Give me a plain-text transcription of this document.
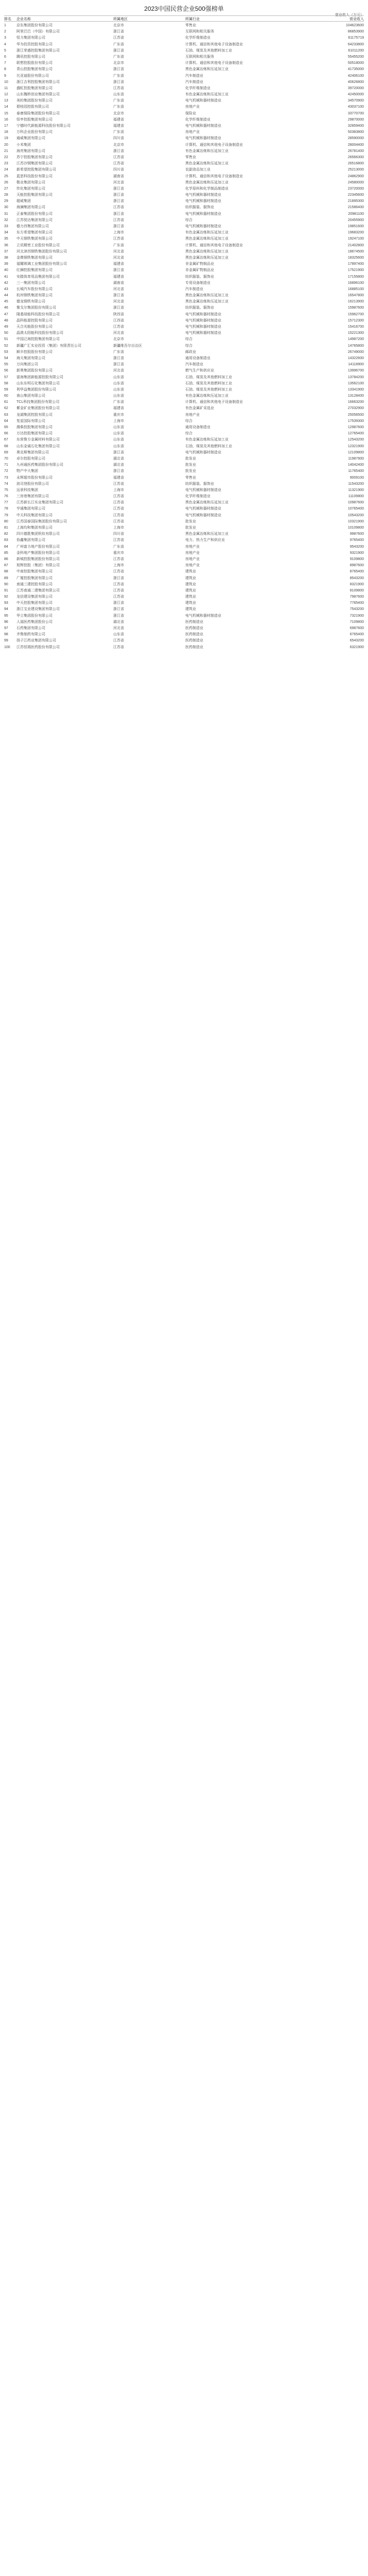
2023中国民营企业500强榜单
营业收入（万元）
排名 企业名称	所属地区	所属行业	营业收入
1	京东集团股份有限公司	北京市	零售业	104623600
2	阿里巴巴（中国）有限公司	浙江省	互联网和相关服务	86853900
3	恒力集团有限公司	江苏省	化学纤维制造业	61175719
4	华为投资控股有限公司	广东省	计算机、通信和其他电子设备制造业	64233800
5	浙江荣盛控股集团有限公司	浙江省	石油、煤炭及其他燃料加工业	61011200
6	腾讯控股有限公司	广东省	互联网和相关服务	55455200
7	联想控股股份有限公司	北京市	计算机、通信和其他电子设备制造业	50518000
8	青山控股集团有限公司	浙江省	黑色金属冶炼和压延加工业	41735000
9	比亚迪股份有限公司	广东省	汽车制造业	42406100
10	浙江吉利控股集团有限公司	浙江省	汽车制造业	40626800
11	盛虹控股集团有限公司	江苏省	化学纤维制造业	39720000
12	山东魏桥创业集团有限公司	山东省	有色金属冶炼和压延加工业	42450000
13	美的集团股份有限公司	广东省	电气机械和器材制造业	34570900
14	碧桂园控股有限公司	广东省	房地产业	43037100
15	泰康保险集团股份有限公司	北京市	保险业	33770700
16	恒申控股集团有限公司	福建省	化学纤维制造业	29870000
17	宁德时代新能源科技股份有限公司	福建省	电气机械和器材制造业	32859400
18	万科企业股份有限公司	广东省	房地产业	50383800
19	通威集团有限公司	四川省	电气机械和器材制造业	28590000
20	小米集团	北京市	计算机、通信和其他电子设备制造业	28004400
21	海亮集团有限公司	浙江省	有色金属冶炼和压延加工业	26781400
22	苏宁控股集团有限公司	江苏省	零售业	26566300
23	江苏沙钢集团有限公司	江苏省	黑色金属冶炼和压延加工业	26516800
24	新希望控股集团有限公司	四川省	农副食品加工业	25213000
25	蓝思科技股份有限公司	湖南省	计算机、通信和其他电子设备制造业	24862900
26	敬业集团有限公司	河北省	黑色金属冶炼和压延加工业	24580000
27	传化集团有限公司	浙江省	化学原料和化学制品制造业	23720000
28	天能控股集团有限公司	浙江省	电气机械和器材制造业	22345600
29	超威集团	浙江省	电气机械和器材制造业	21895300
30	海澜集团有限公司	江苏省	纺织服装、服饰业	21586400
31	正泰集团股份有限公司	浙江省	电气机械和器材制造业	20981100
32	江苏悦达集团有限公司	江苏省	综合	20455900
33	德力西集团有限公司	浙江省	电气机械和器材制造业	19851600
34	东方希望集团有限公司	上海市	有色金属冶炼和压延加工业	19683200
35	中天钢铁集团有限公司	江苏省	黑色金属冶炼和压延加工业	19247100
36	立讯精密工业股份有限公司	广东省	计算机、通信和其他电子设备制造业	21402800
37	河北津西钢铁集团股份有限公司	河北省	黑色金属冶炼和压延加工业	18674500
38	金鼎钢铁集团有限公司	河北省	黑色金属冶炼和压延加工业	18325600
39	福耀玻璃工业集团股份有限公司	福建省	非金属矿物制品业	17897400
40	红狮控股集团有限公司	浙江省	非金属矿物制品业	17521900
41	安踏体育用品集团有限公司	福建省	纺织服装、服饰业	17155800
42	三一集团有限公司	湖南省	专用设备制造业	16896100
43	长城汽车股份有限公司	河北省	汽车制造业	16885100
44	杭州钢铁集团有限公司	浙江省	黑色金属冶炼和压延加工业	16547800
45	德龙钢铁有限公司	河北省	黑色金属冶炼和压延加工业	16213900
46	雅戈尔集团股份有限公司	浙江省	纺织服装、服饰业	15987600
47	隆基绿能科技股份有限公司	陕西省	电气机械和器材制造业	15962700
48	晶科能源控股有限公司	江西省	电气机械和器材制造业	15712300
49	天合光能股份有限公司	江苏省	电气机械和器材制造业	15416700
50	晶澳太阳能科技股份有限公司	河北省	电气机械和器材制造业	15221300
51	中国泛海控股集团有限公司	北京市	综合	14987200
52	新疆广汇实业投资（集团）有限责任公司	新疆维吾尔自治区	综合	14765800
53	顺丰控股股份有限公司	广东省	邮政业	26749000
54	海天集团有限公司	浙江省	通用设备制造业	14322600
55	万向集团公司	浙江省	汽车制造业	14118900
56	新奥集团股份有限公司	河北省	燃气生产和供应业	13996700
57	富海集团新能源控股有限公司	山东省	石油、煤炭及其他燃料加工业	13784200
58	山东东明石化集团有限公司	山东省	石油、煤炭及其他燃料加工业	13562100
59	利华益集团股份有限公司	山东省	石油、煤炭及其他燃料加工业	13341900
60	南山集团有限公司	山东省	有色金属冶炼和压延加工业	13128400
61	TCL科技集团股份有限公司	广东省	计算机、通信和其他电子设备制造业	16663200
62	紫金矿业集团股份有限公司	福建省	有色金属矿采选业	27032900
63	龙湖集团控股有限公司	重庆市	房地产业	25056500
64	复星国际有限公司	上海市	综合	17539300
65	潍柴控股集团有限公司	山东省	通用设备制造业	12987600
66	万达控股集团有限公司	山东省	综合	12765400
67	东营鲁方金属材料有限公司	山东省	有色金属冶炼和压延加工业	12543200
68	山东金诚石化集团有限公司	山东省	石油、煤炭及其他燃料加工业	12321900
69	奥克斯集团有限公司	浙江省	电气机械和器材制造业	12109800
70	卓尔控股有限公司	湖北省	批发业	11987600
71	九州通医药集团股份有限公司	湖北省	批发业	14042400
72	物产中大集团	浙江省	批发业	11765400
73	永辉超市股份有限公司	福建省	零售业	9009100
74	波司登股份有限公司	江苏省	纺织服装、服饰业	11543200
75	远景科技集团	上海市	电气机械和器材制造业	11321900
76	三房巷集团有限公司	江苏省	化学纤维制造业	11109800
77	江苏新长江实业集团有限公司	江苏省	黑色金属冶炼和压延加工业	10987600
78	亨通集团有限公司	江苏省	电气机械和器材制造业	10765400
79	中天科技集团有限公司	江苏省	电气机械和器材制造业	10543200
80	江苏国泰国际集团股份有限公司	江苏省	批发业	10321900
81	上海均和集团有限公司	上海市	批发业	10109800
82	四川德胜集团钒钛有限公司	四川省	黑色金属冶炼和压延加工业	9987600
83	协鑫集团有限公司	江苏省	电力、热力生产和供应业	9765400
84	广州富力地产股份有限公司	广东省	房地产业	9543200
85	金科地产集团股份有限公司	重庆市	房地产业	9321900
86	新城控股集团股份有限公司	江苏省	房地产业	9109800
87	旭辉控股（集团）有限公司	上海市	房地产业	8987600
88	中南控股集团有限公司	江苏省	建筑业	8765400
89	广厦控股集团有限公司	浙江省	建筑业	8543200
90	南通三建控股有限公司	江苏省	建筑业	8321900
91	江苏南通二建集团有限公司	江苏省	建筑业	8109800
92	龙信建设集团有限公司	江苏省	建筑业	7987600
93	中天控股集团有限公司	浙江省	建筑业	7765400
94	浙江宝业建设集团有限公司	浙江省	建筑业	7543200
95	华立集团股份有限公司	浙江省	电气机械和器材制造业	7321900
96	人福医药集团股份公司	湖北省	医药制造业	7109800
97	石药集团有限公司	河北省	医药制造业	6987600
98	齐鲁制药有限公司	山东省	医药制造业	6765400
99	扬子江药业集团有限公司	江苏省	医药制造业	6543200
100	江苏恒瑞医药股份有限公司	江苏省	医药制造业	6321900
